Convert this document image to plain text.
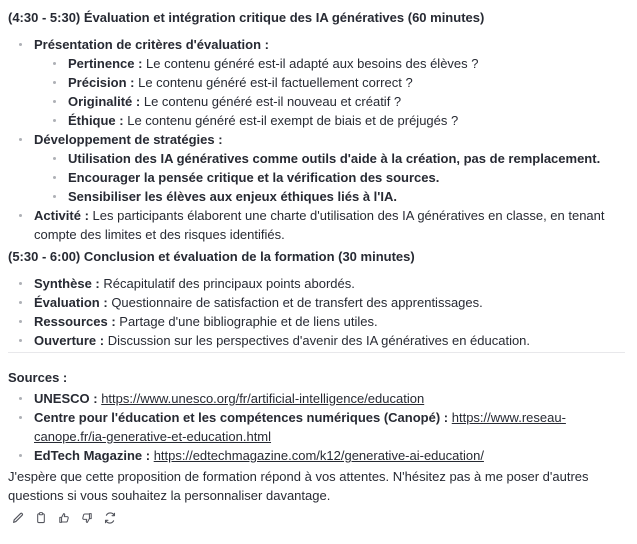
(4:30 - 5:30) Évaluation et intégration critique des IA génératives (60 minutes)

Présentation de critères d'évaluation :
Pertinence : Le contenu généré est-il adapté aux besoins des élèves ?
Précision : Le contenu généré est-il factuellement correct ?
Originalité : Le contenu généré est-il nouveau et créatif ?
Éthique : Le contenu généré est-il exempt de biais et de préjugés ?
Développement de stratégies :
Utilisation des IA génératives comme outils d'aide à la création, pas de remplacement.
Encourager la pensée critique et la vérification des sources.
Sensibiliser les élèves aux enjeux éthiques liés à l'IA.
Activité : Les participants élaborent une charte d'utilisation des IA génératives en classe, en tenant compte des limites et des risques identifiés.

(5:30 - 6:00) Conclusion et évaluation de la formation (30 minutes)

Synthèse : Récapitulatif des principaux points abordés.
Évaluation : Questionnaire de satisfaction et de transfert des apprentissages.
Ressources : Partage d'une bibliographie et de liens utiles.
Ouverture : Discussion sur les perspectives d'avenir des IA génératives en éducation.

Sources :

UNESCO : https://www.unesco.org/fr/artificial-intelligence/education
Centre pour l'éducation et les compétences numériques (Canopé) : https://www.reseau-canope.fr/ia-generative-et-education.html
EdTech Magazine : https://edtechmagazine.com/k12/generative-ai-education/

J'espère que cette proposition de formation répond à vos attentes. N'hésitez pas à me poser d'autres questions si vous souhaitez la personnaliser davantage.
